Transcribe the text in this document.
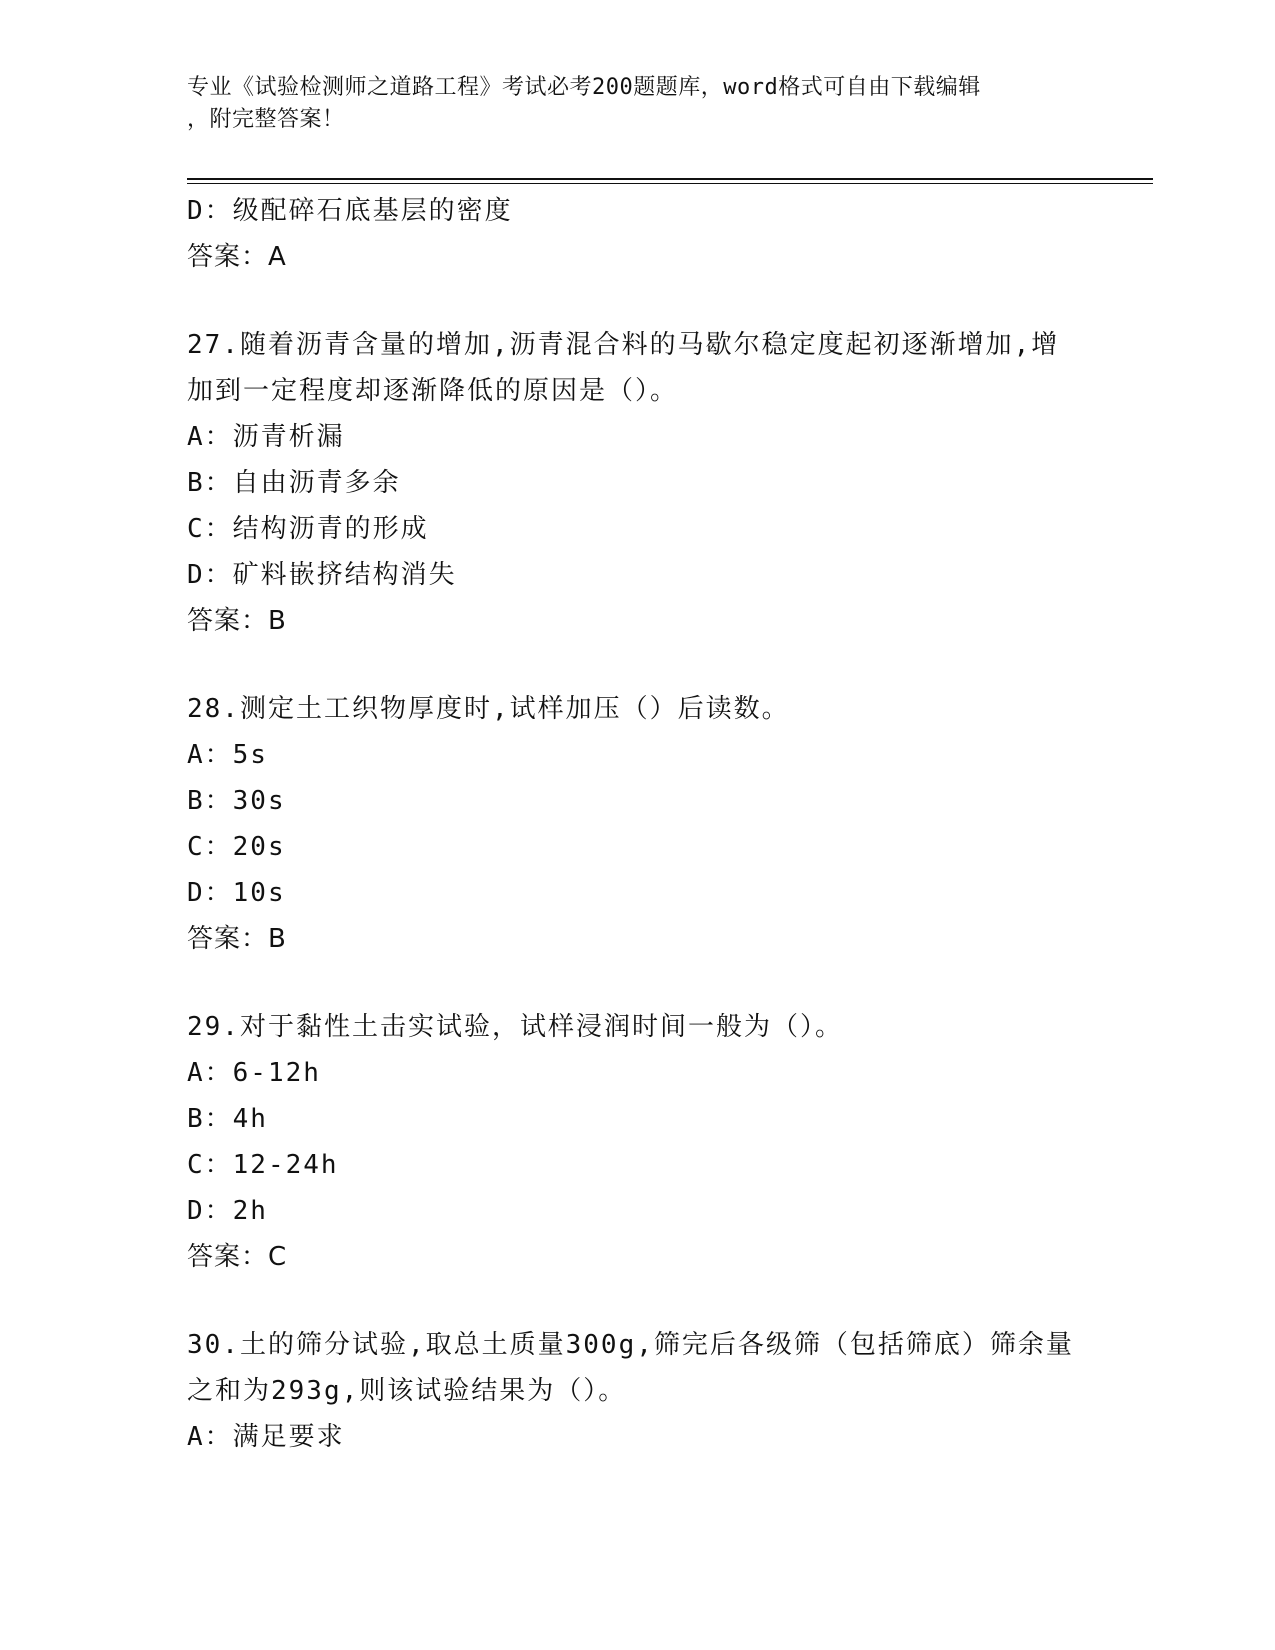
专业《试验检测师之道路工程》考试必考200题题库，word格式可自由下载编辑
，附完整答案！
D：级配碎石底基层的密度
答案：A
27.随着沥青含量的增加,沥青混合料的马歇尔稳定度起初逐渐增加,增
加到一定程度却逐渐降低的原因是（）。
A：沥青析漏
B：自由沥青多余
C：结构沥青的形成
D：矿料嵌挤结构消失
答案：B
28.测定土工织物厚度时,试样加压（）后读数。
A：5s
B：30s
C：20s
D：10s
答案：B
29.对于黏性土击实试验，试样浸润时间一般为（）。
A：6-12h
B：4h
C：12-24h
D：2h
答案：C
30.土的筛分试验,取总土质量300g,筛完后各级筛（包括筛底）筛余量
之和为293g,则该试验结果为（）。
A：满足要求
